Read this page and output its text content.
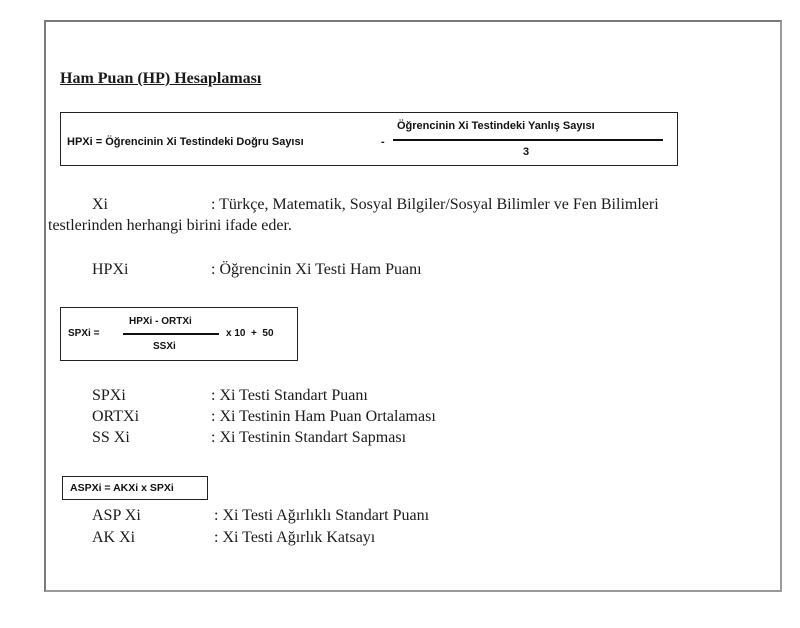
Ham Puan (HP) Hesaplaması
HPXi = Öğrencinin Xi Testindeki Doğru Sayısı	-
Öğrencinin Xi Testindeki Yanlış Sayısı
3
Xi	: Türkçe, Matematik, Sosyal Bilgiler/Sosyal Bilimler ve Fen Bilimleri
testlerinden herhangi birini ifade eder.
HPXi	: Öğrencinin Xi Testi Ham Puanı
SPXi =
HPXi - ORTXi
SSXi
x 10  +  50
SPXi	: Xi Testi Standart Puanı
ORTXi	: Xi Testinin Ham Puan Ortalaması
SS Xi	: Xi Testinin Standart Sapması
ASPXi = AKXi x SPXi
ASP Xi	: Xi Testi Ağırlıklı Standart Puanı
AK Xi	: Xi Testi Ağırlık Katsayı
